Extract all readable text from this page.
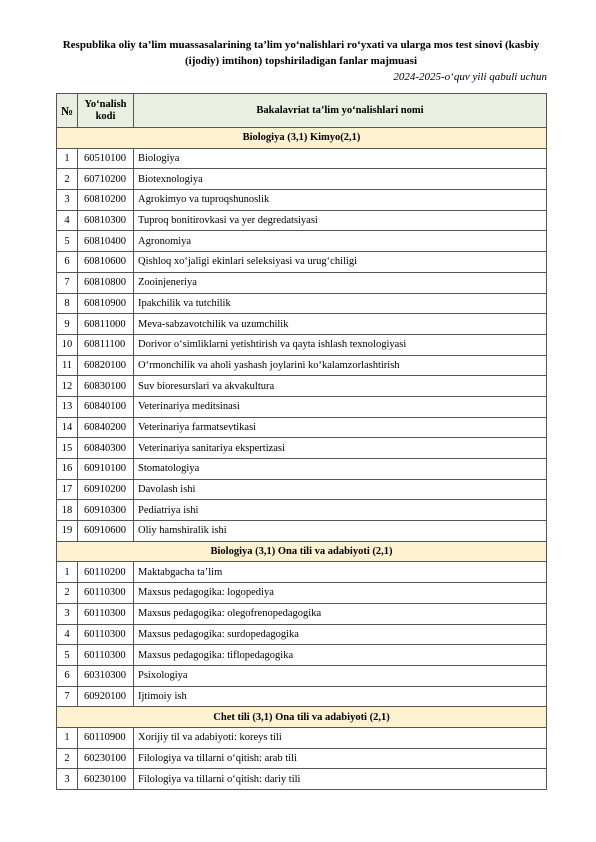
Respublika oliy ta’lim muassasalarining ta’lim yo‘nalishlari ro‘yxati va ularga mos test sinovi (kasbiy (ijodiy) imtihon) topshiriladigan fanlar majmuasi
2024-2025-o‘quv yili qabuli uchun
№	Yo‘nalish kodi	Bakalavriat ta’lim yo‘nalishlari nomi
Biologiya (3,1) Kimyo(2,1)		
1	60510100	Biologiya
2	60710200	Biotexnologiya
3	60810200	Agrokimyo va tuproqshunoslik
4	60810300	Tuproq bonitirovkasi va yer degredatsiyasi
5	60810400	Agronomiya
6	60810600	Qishloq xo‘jaligi ekinlari seleksiyasi va urug‘chiligi
7	60810800	Zooinjeneriya
8	60810900	Ipakchilik va tutchilik
9	60811000	Meva-sabzavotchilik va uzumchilik
10	60811100	Dorivor o‘simliklarni yetishtirish va qayta ishlash texnologiyasi
11	60820100	O‘rmonchilik va aholi yashash joylarini ko‘kalamzorlashtirish
12	60830100	Suv bioresurslari va akvakultura
13	60840100	Veterinariya meditsinasi
14	60840200	Veterinariya farmatsevtikasi
15	60840300	Veterinariya sanitariya ekspertizasi
16	60910100	Stomatologiya
17	60910200	Davolash ishi
18	60910300	Pediatriya ishi
19	60910600	Oliy hamshiralik ishi
Biologiya (3,1) Ona tili va adabiyoti (2,1)		
1	60110200	Maktabgacha ta’lim
2	60110300	Maxsus pedagogika: logopediya
3	60110300	Maxsus pedagogika: olegofrenopedagogika
4	60110300	Maxsus pedagogika: surdopedagogika
5	60110300	Maxsus pedagogika: tiflopedagogika
6	60310300	Psixologiya
7	60920100	Ijtimoiy ish
Chet tili (3,1) Ona tili va adabiyoti (2,1)		
1	60110900	Xorijiy til va adabiyoti: koreys tili
2	60230100	Filologiya va tillarni o‘qitish: arab tili
3	60230100	Filologiya va tillarni o‘qitish: dariy tili
